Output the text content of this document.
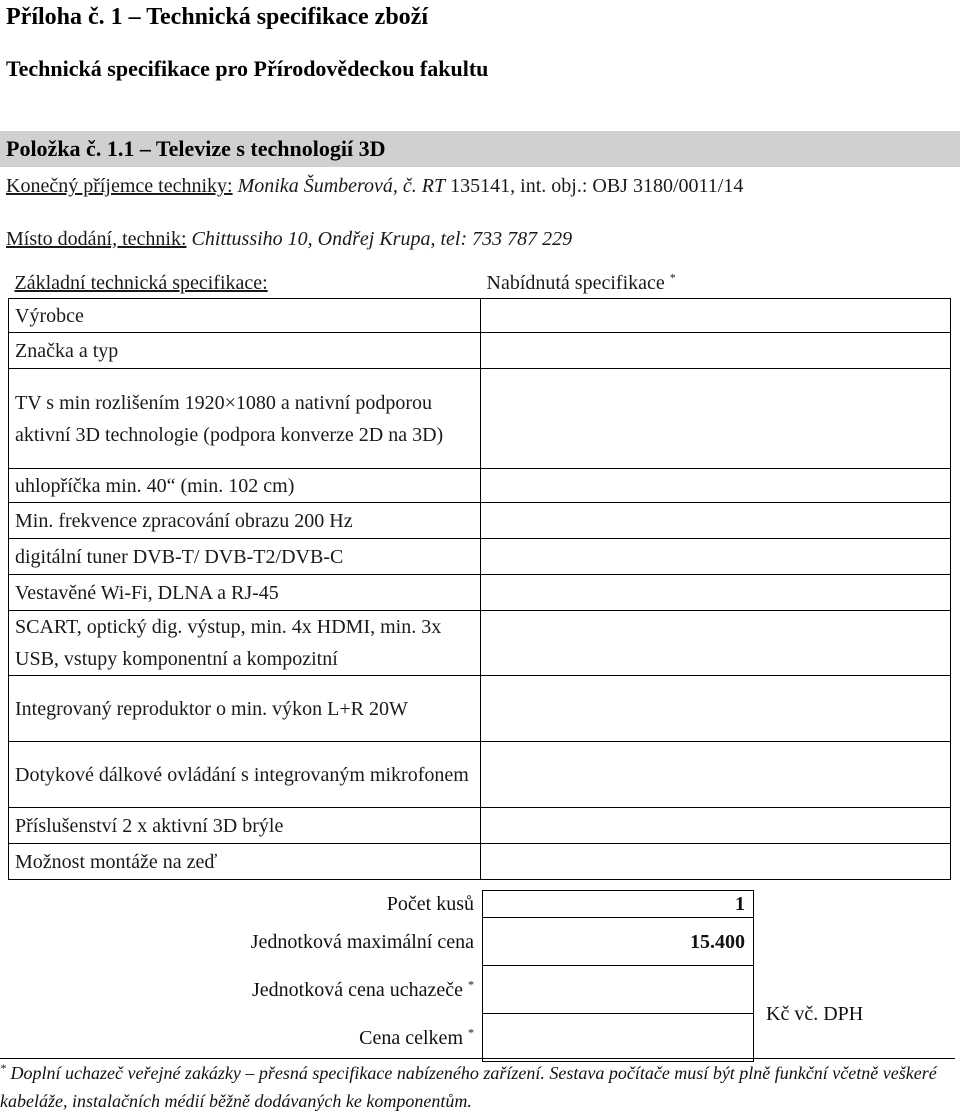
Příloha č. 1 – Technická specifikace zboží
Technická specifikace pro Přírodovědeckou fakultu
Položka č. 1.1 – Televize s technologií 3D
Konečný příjemce techniky: Monika Šumberová, č. RT 135141, int. obj.: OBJ 3180/0011/14
Místo dodání, technik: Chittussiho 10, Ondřej Krupa, tel: 733 787 229
Základní technická specifikace:	Nabídnutá specifikace *
Výrobce	
Značka a typ	
TV s min rozlišením 1920×1080 a nativní podporou aktivní 3D technologie (podpora konverze 2D na 3D)	
uhlopříčka min. 40“ (min. 102 cm)	
Min. frekvence zpracování obrazu 200 Hz	
digitální tuner DVB-T/ DVB-T2/DVB-C	
Vestavěné Wi-Fi, DLNA a RJ-45	
SCART, optický dig. výstup, min. 4x HDMI, min. 3x USB, vstupy komponentní a kompozitní	
Integrovaný reproduktor o min. výkon L+R 20W	
Dotykové dálkové ovládání s integrovaným mikrofonem	
Příslušenství 2 x aktivní 3D brýle	
Možnost montáže na zeď	
Počet kusů	1	
Jednotková maximální cena	15.400	
Jednotková cena uchazeče *		Kč vč. DPH
Cena celkem *	
* Doplní uchazeč veřejné zakázky – přesná specifikace nabízeného zařízení. Sestava počítače musí být plně funkční včetně veškeré kabeláže, instalačních médií běžně dodávaných ke komponentům.
